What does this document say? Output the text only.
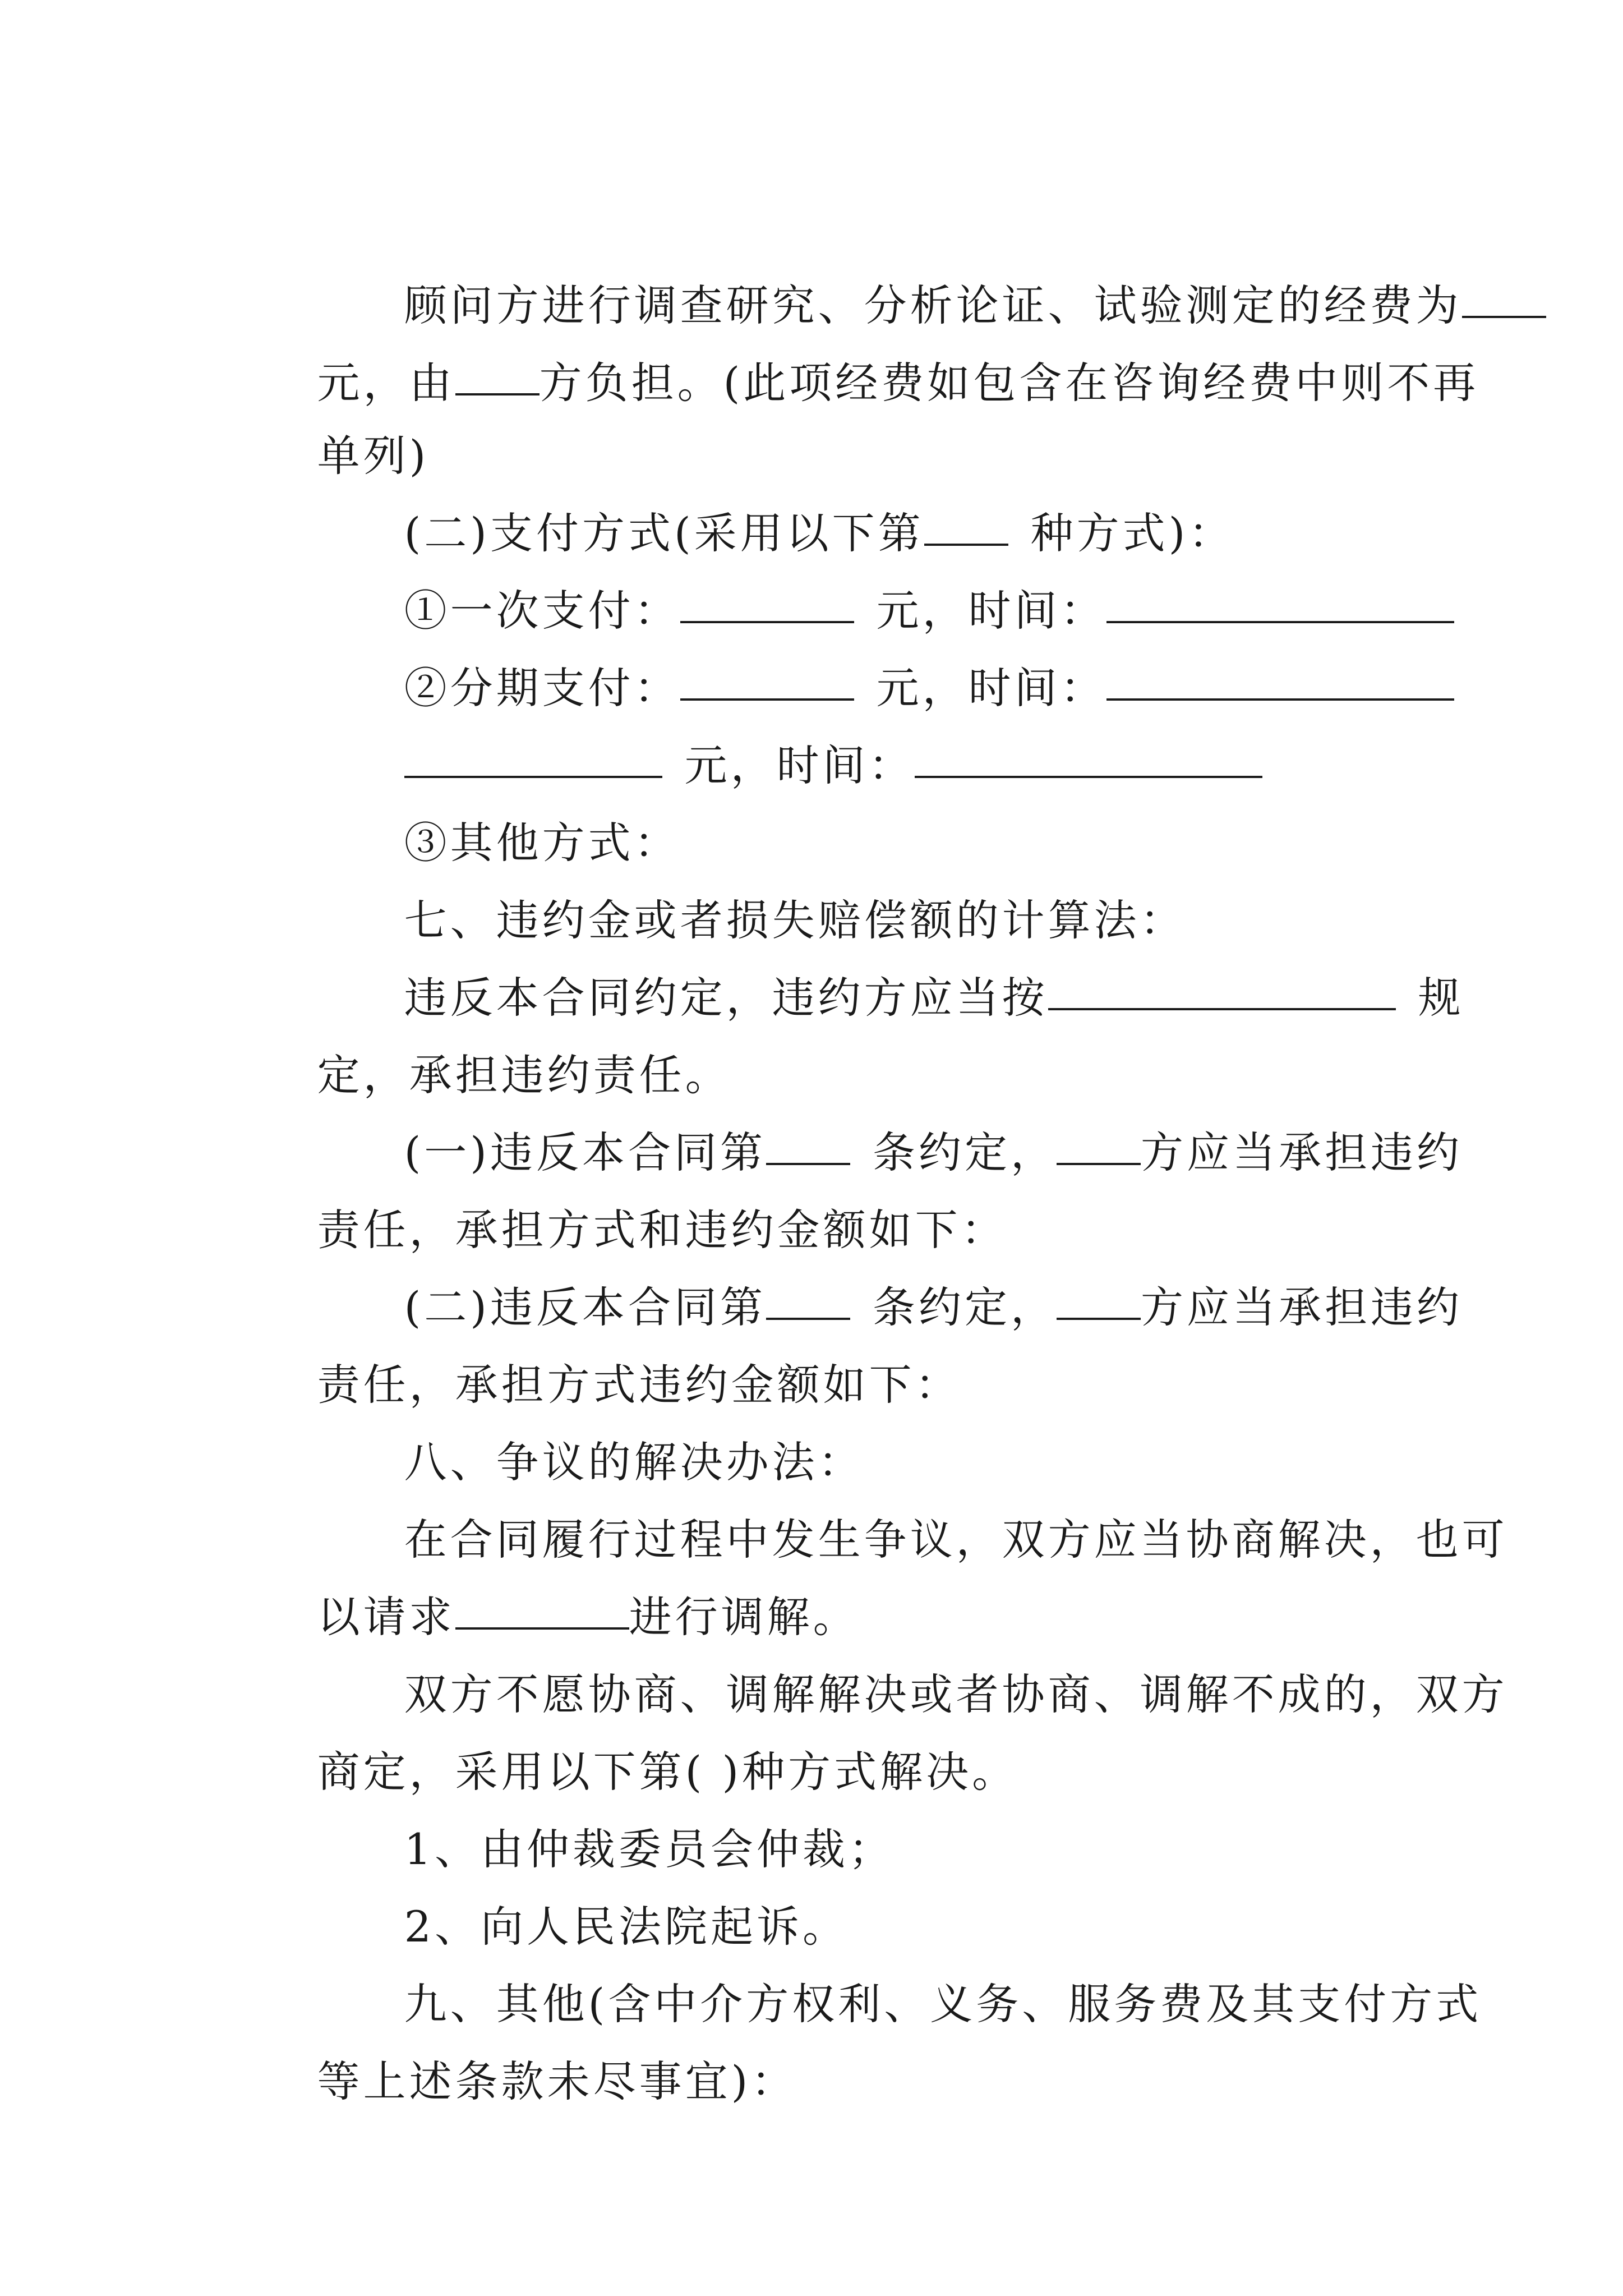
顾问方进行调查研究、分析论证、试验测定的经费为

元，由 方负担。(此项经费如包含在咨询经费中则不再

单列)

(二)支付方式(采用以下第	种方式)：

①一次支付：	元，时间：

②分期支付：	元，时间：

元，时间：

③其他方式：

七、违约金或者损失赔偿额的计算法：

违反本合同约定，违约方应当按	规

定，承担违约责任。

(一)违反本合同第	条约定， 方应当承担违约

责任，承担方式和违约金额如下：

(二)违反本合同第	条约定， 方应当承担违约

责任，承担方式违约金额如下：

八、争议的解决办法：

在合同履行过程中发生争议，双方应当协商解决，也可

以请求	进行调解。

双方不愿协商、调解解决或者协商、调解不成的，双方

商定，采用以下第( )种方式解决。

1、由仲裁委员会仲裁；

2、向人民法院起诉。

九、其他(含中介方权利、义务、服务费及其支付方式

等上述条款未尽事宜)：
